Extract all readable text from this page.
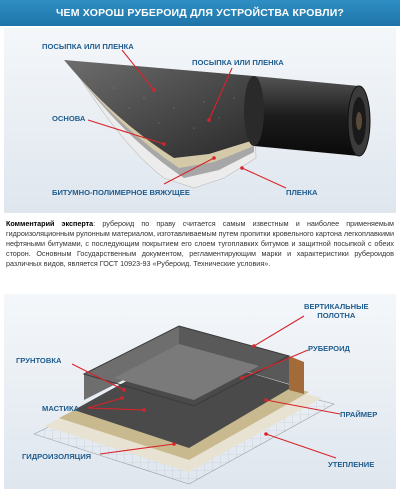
ЧЕМ ХОРОШ РУБЕРОИД ДЛЯ УСТРОЙСТВА КРОВЛИ?
ПОСЫПКА ИЛИ ПЛЕНКА
ПОСЫПКА ИЛИ ПЛЕНКА
ОСНОВА
БИТУМНО-ПОЛИМЕРНОЕ ВЯЖУЩЕЕ	ПЛЕНКА
Комментарий эксперта: рубероид по праву считается самым известным и наиболее применяемым гидроизоляционным рулонным материалом, изготавливаемым путем пропитки кровельного картона легкоплавкими нефтяными битумами, с последующим покрытием его слоем тугоплавких битумов и защитной посыпкой с обеих сторон. Основным Государственным документом, регламентирующим марки и характеристики рубероидов различных видов, является ГОСТ 10923-93 «Рубероид. Технические условия».
ВЕРТИКАЛЬНЫЕ
ПОЛОТНА
РУБЕРОИД
ГРУНТОВКА
МАСТИКА
ПРАЙМЕР
ГИДРОИЗОЛЯЦИЯ
УТЕПЛЕНИЕ
